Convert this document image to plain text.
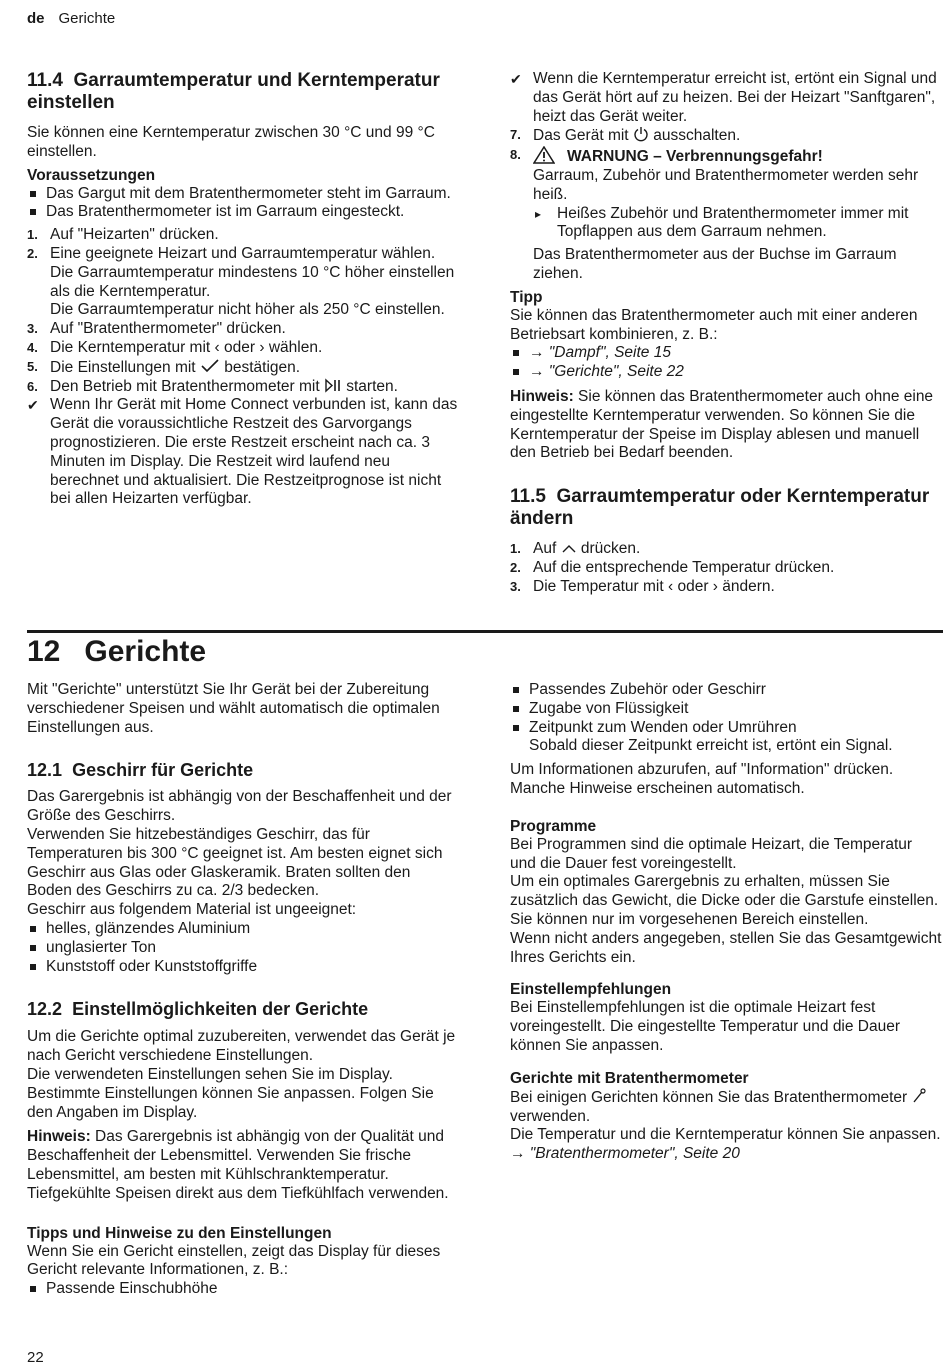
de Gerichte
11.4 Garraumtemperatur und Kerntemperatur einstellen

Sie können eine Kerntemperatur zwischen 30 °C und 99 °C einstellen.

Voraussetzungen
Das Gargut mit dem Bratenthermometer steht im Garraum.
Das Bratenthermometer ist im Garraum eingesteckt.
1. Auf "Heizarten" drücken.
2. Eine geeignete Heizart und Garraumtemperatur wählen.
Die Garraumtemperatur mindestens 10 °C höher einstellen als die Kerntemperatur.
Die Garraumtemperatur nicht höher als 250 °C einstellen.
3. Auf "Bratenthermometer" drücken.
4. Die Kerntemperatur mit ‹ oder › wählen.
5. Die Einstellungen mit bestätigen.
6. Den Betrieb mit Bratenthermometer mit starten.
✔ Wenn Ihr Gerät mit Home Connect verbunden ist, kann das Gerät die voraussichtliche Restzeit des Garvorgangs prognostizieren. Die erste Restzeit erscheint nach ca. 3 Minuten im Display. Die Restzeit wird laufend neu berechnet und aktualisiert. Die Restzeitprognose ist nicht bei allen Heizarten verfügbar.
✔ Wenn die Kerntemperatur erreicht ist, ertönt ein Signal und das Gerät hört auf zu heizen. Bei der Heizart "Sanftgaren", heizt das Gerät weiter.
7. Das Gerät mit ausschalten.
8.	WARNUNG – Verbrennungsgefahr!
Garraum, Zubehör und Bratenthermometer werden sehr heiß.
▸ Heißes Zubehör und Bratenthermometer immer mit Topflappen aus dem Garraum nehmen.
Das Bratenthermometer aus der Buchse im Garraum ziehen.
Tipp

Sie können das Bratenthermometer auch mit einer anderen Betriebsart kombinieren, z. B.:

→ "Dampf", Seite 15
→ "Gerichte", Seite 22

Hinweis: Sie können das Bratenthermometer auch ohne eine eingestellte Kerntemperatur verwenden. So können Sie die Kerntemperatur der Speise im Display ablesen und manuell den Betrieb bei Bedarf beenden.

11.5 Garraumtemperatur oder Kerntemperatur ändern
1. Auf drücken.
2. Auf die entsprechende Temperatur drücken.
3. Die Temperatur mit ‹ oder › ändern.
12 Gerichte

Mit "Gerichte" unterstützt Sie Ihr Gerät bei der Zubereitung verschiedener Speisen und wählt automatisch die optimalen Einstellungen aus.

12.1 Geschirr für Gerichte

Das Garergebnis ist abhängig von der Beschaffenheit und der Größe des Geschirrs.

Verwenden Sie hitzebeständiges Geschirr, das für Temperaturen bis 300 °C geeignet ist. Am besten eignet sich Geschirr aus Glas oder Glaskeramik. Braten sollten den Boden des Geschirrs zu ca. 2/3 bedecken.

Geschirr aus folgendem Material ist ungeeignet:

helles, glänzendes Aluminium
unglasierter Ton
Kunststoff oder Kunststoffgriffe
12.2 Einstellmöglichkeiten der Gerichte

Um die Gerichte optimal zuzubereiten, verwendet das Gerät je nach Gericht verschiedene Einstellungen.

Die verwendeten Einstellungen sehen Sie im Display. Bestimmte Einstellungen können Sie anpassen. Folgen Sie den Angaben im Display.

Hinweis: Das Garergebnis ist abhängig von der Qualität und Beschaffenheit der Lebensmittel. Verwenden Sie frische Lebensmittel, am besten mit Kühlschranktemperatur. Tiefgekühlte Speisen direkt aus dem Tiefkühlfach verwenden.

Tipps und Hinweise zu den Einstellungen

Wenn Sie ein Gericht einstellen, zeigt das Display für dieses Gericht relevante Informationen, z. B.:

Passende Einschubhöhe
Passendes Zubehör oder Geschirr
Zugabe von Flüssigkeit
Zeitpunkt zum Wenden oder Umrühren
Sobald dieser Zeitpunkt erreicht ist, ertönt ein Signal.

Um Informationen abzurufen, auf "Information" drücken. Manche Hinweise erscheinen automatisch.

Programme

Bei Programmen sind die optimale Heizart, die Temperatur und die Dauer fest voreingestellt.

Um ein optimales Garergebnis zu erhalten, müssen Sie zusätzlich das Gewicht, die Dicke oder die Garstufe einstellen. Sie können nur im vorgesehenen Bereich einstellen.

Wenn nicht anders angegeben, stellen Sie das Gesamtgewicht Ihres Gerichts ein.

Einstellempfehlungen

Bei Einstellempfehlungen ist die optimale Heizart fest voreingestellt. Die eingestellte Temperatur und die Dauer können Sie anpassen.

Gerichte mit Bratenthermometer

Bei einigen Gerichten können Sie das Bratenthermometer  verwenden.

Die Temperatur und die Kerntemperatur können Sie anpassen.

→ "Bratenthermometer", Seite 20

22
